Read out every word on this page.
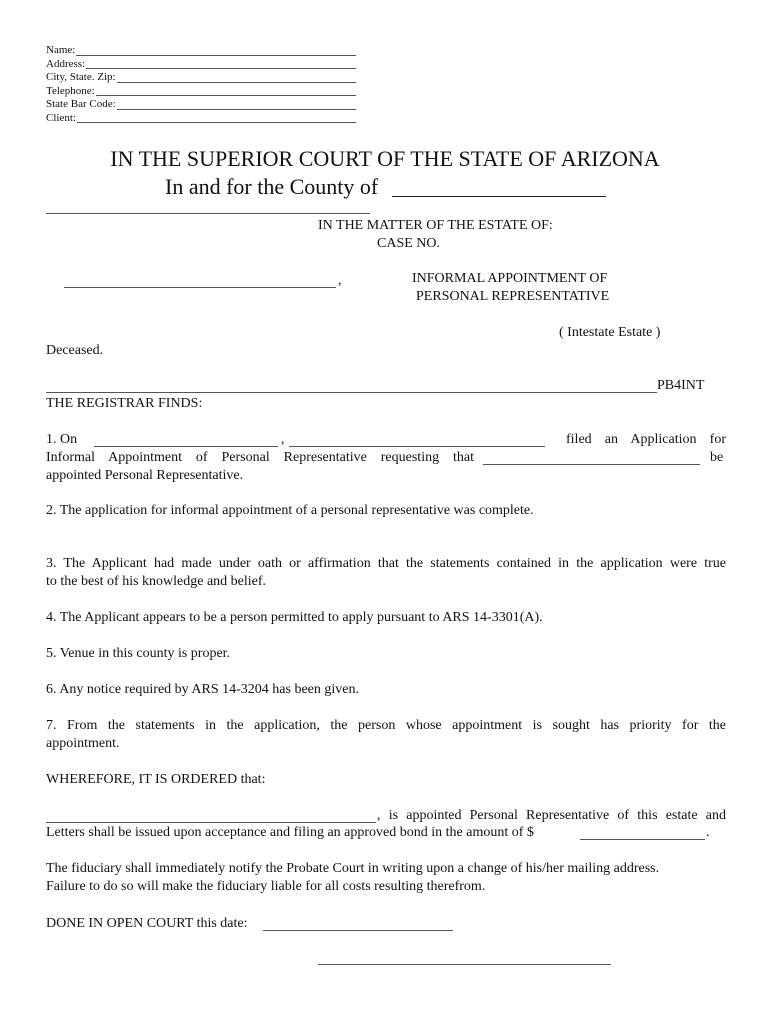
Name:
Address:
City, State. Zip:
Telephone:
State Bar Code:
Client:
IN THE SUPERIOR COURT OF THE STATE OF ARIZONA
In and for the County of
IN THE MATTER OF THE ESTATE OF:
CASE NO.
,	INFORMAL APPOINTMENT OF
PERSONAL REPRESENTATIVE
( Intestate Estate )
Deceased.
PB4INT
THE REGISTRAR FINDS:
1. On	,	filed an Application for
Informal Appointment of Personal Representative requesting that	be
appointed Personal Representative.
2. The application for informal appointment of a personal representative was complete.
3. The Applicant had made under oath or affirmation that the statements contained in the application were true
to the best of his knowledge and belief.
4. The Applicant appears to be a person permitted to apply pursuant to ARS 14-3301(A).
5. Venue in this county is proper.
6. Any notice required by ARS 14-3204 has been given.
7. From the statements in the application, the person whose appointment is sought has priority for the
appointment.
WHEREFORE, IT IS ORDERED that:
, is appointed Personal Representative of this estate and
Letters shall be issued upon acceptance and filing an approved bond in the amount of $	.
The fiduciary shall immediately notify the Probate Court in writing upon a change of his/her mailing address.
Failure to do so will make the fiduciary liable for all costs resulting therefrom.
DONE IN OPEN COURT this date:
